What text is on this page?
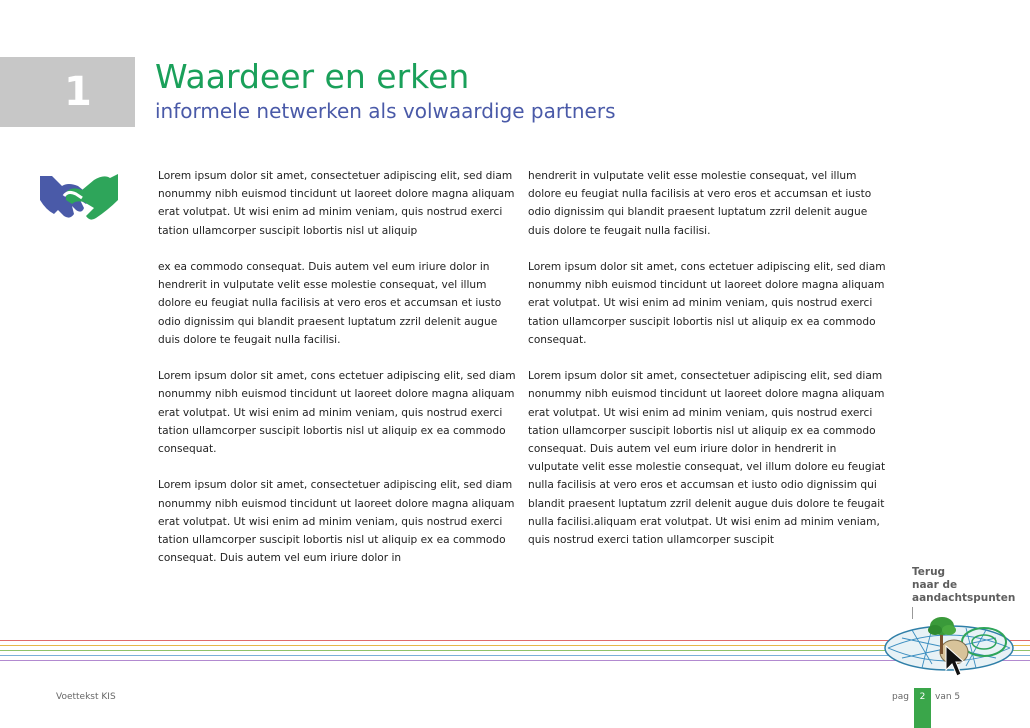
1	Waardeer en erken
informele netwerken als volwaardige partners

Lorem ipsum dolor sit amet, consectetuer adipiscing elit, sed diam nonummy nibh euismod tincidunt ut laoreet dolore magna aliquam erat volutpat. Ut wisi enim ad minim veniam, quis nostrud exerci tation ullamcorper suscipit lobortis nisl ut aliquip

ex ea commodo consequat. Duis autem vel eum iriure dolor in hendrerit in vulputate velit esse molestie consequat, vel illum dolore eu feugiat nulla facilisis at vero eros et accumsan et iusto odio dignissim qui blandit praesent luptatum zzril delenit augue duis dolore te feugait nulla facilisi.

Lorem ipsum dolor sit amet, cons ectetuer adipiscing elit, sed diam nonummy nibh euismod tincidunt ut laoreet dolore magna aliquam erat volutpat. Ut wisi enim ad minim veniam, quis nostrud exerci tation ullamcorper suscipit lobortis nisl ut aliquip ex ea commodo consequat.

Lorem ipsum dolor sit amet, consectetuer adipiscing elit, sed diam nonummy nibh euismod tincidunt ut laoreet dolore magna aliquam erat volutpat. Ut wisi enim ad minim veniam, quis nostrud exerci tation ullamcorper suscipit lobortis nisl ut aliquip ex ea commodo consequat. Duis autem vel eum iriure dolor in

hendrerit in vulputate velit esse molestie consequat, vel illum dolore eu feugiat nulla facilisis at vero eros et accumsan et iusto odio dignissim qui blandit praesent luptatum zzril delenit augue duis dolore te feugait nulla facilisi.

Lorem ipsum dolor sit amet, cons ectetuer adipiscing elit, sed diam nonummy nibh euismod tincidunt ut laoreet dolore magna aliquam erat volutpat. Ut wisi enim ad minim veniam, quis nostrud exerci tation ullamcorper suscipit lobortis nisl ut aliquip ex ea commodo consequat.

Lorem ipsum dolor sit amet, consectetuer adipiscing elit, sed diam nonummy nibh euismod tincidunt ut laoreet dolore magna aliquam erat volutpat. Ut wisi enim ad minim veniam, quis nostrud exerci tation ullamcorper suscipit lobortis nisl ut aliquip ex ea commodo consequat. Duis autem vel eum iriure dolor in hendrerit in vulputate velit esse molestie consequat, vel illum dolore eu feugiat nulla facilisis at vero eros et accumsan et iusto odio dignissim qui blandit praesent luptatum zzril delenit augue duis dolore te feugait nulla facilisi.aliquam erat volutpat. Ut wisi enim ad minim veniam, quis nostrud exerci tation ullamcorper suscipit

Terug
naar de
aandachtspunten
Voettekst KIS	pag	2	van 5
